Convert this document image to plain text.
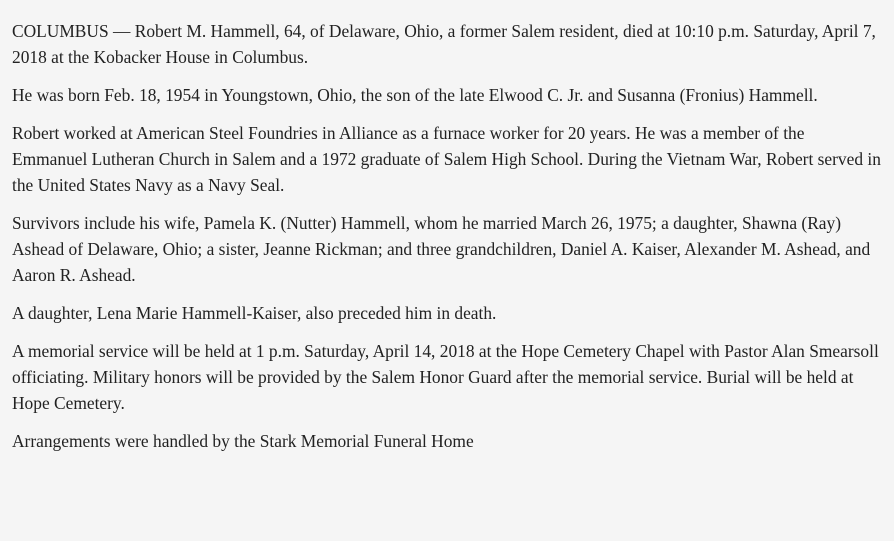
COLUMBUS — Robert M. Hammell, 64, of Delaware, Ohio, a former Salem resident, died at 10:10 p.m. Saturday, April 7, 2018 at the Kobacker House in Columbus.

He was born Feb. 18, 1954 in Youngstown, Ohio, the son of the late Elwood C. Jr. and Susanna (Fronius) Hammell.

Robert worked at American Steel Foundries in Alliance as a furnace worker for 20 years. He was a member of the Emmanuel Lutheran Church in Salem and a 1972 graduate of Salem High School. During the Vietnam War, Robert served in the United States Navy as a Navy Seal.

Survivors include his wife, Pamela K. (Nutter) Hammell, whom he married March 26, 1975; a daughter, Shawna (Ray) Ashead of Delaware, Ohio; a sister, Jeanne Rickman; and three grandchildren, Daniel A. Kaiser, Alexander M. Ashead, and Aaron R. Ashead.

A daughter, Lena Marie Hammell-Kaiser, also preceded him in death.

A memorial service will be held at 1 p.m. Saturday, April 14, 2018 at the Hope Cemetery Chapel with Pastor Alan Smearsoll officiating. Military honors will be provided by the Salem Honor Guard after the memorial service. Burial will be held at Hope Cemetery.

Arrangements were handled by the Stark Memorial Funeral Home
